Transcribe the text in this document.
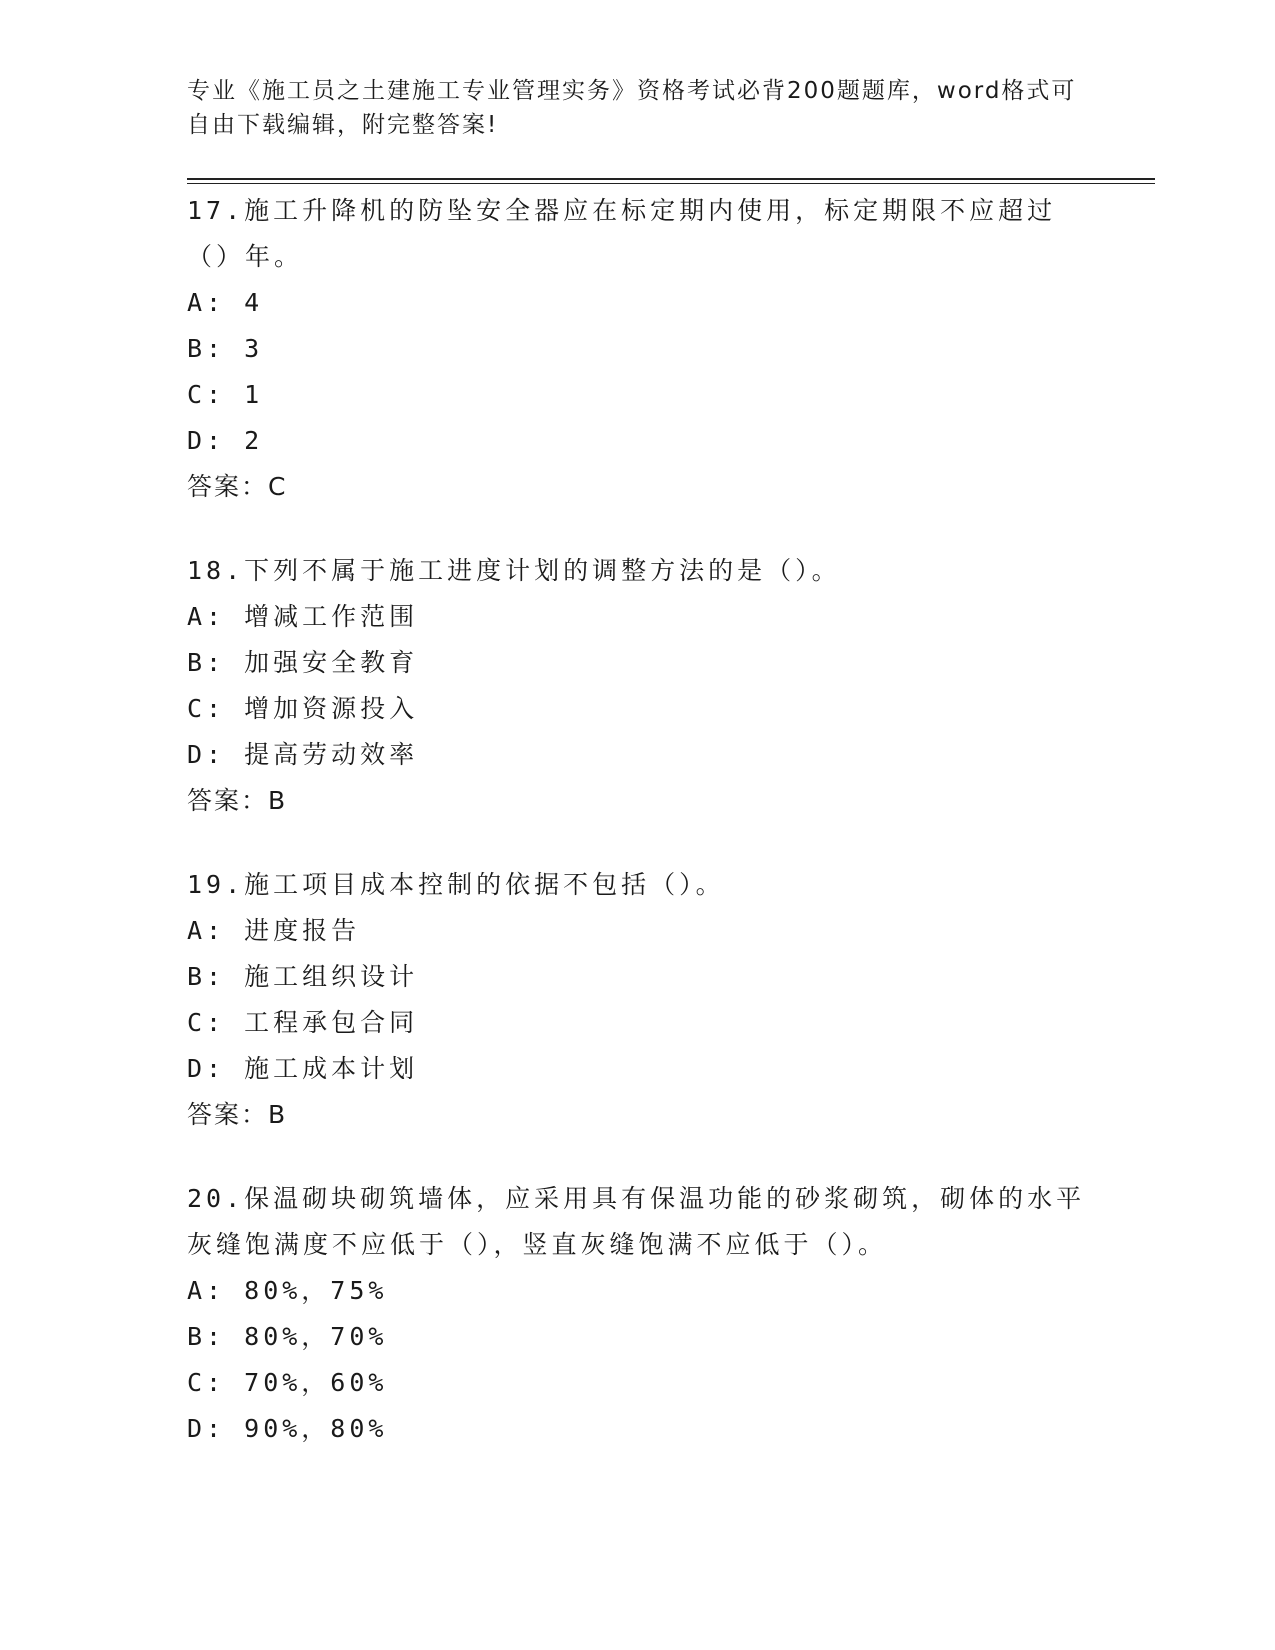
专业《施工员之土建施工专业管理实务》资格考试必背200题题库，word格式可自由下载编辑，附完整答案!

17.施工升降机的防坠安全器应在标定期内使用，标定期限不应超过（）年。

A: 4
B: 3
C: 1
D: 2
答案：C

18.下列不属于施工进度计划的调整方法的是（）。

A: 增减工作范围
B: 加强安全教育
C: 增加资源投入
D: 提高劳动效率
答案：B

19.施工项目成本控制的依据不包括（）。

A: 进度报告
B: 施工组织设计
C: 工程承包合同
D: 施工成本计划
答案：B

20.保温砌块砌筑墙体，应采用具有保温功能的砂浆砌筑，砌体的水平灰缝饱满度不应低于（），竖直灰缝饱满不应低于（）。

A: 80%，75%
B: 80%，70%
C: 70%，60%
D: 90%，80%
